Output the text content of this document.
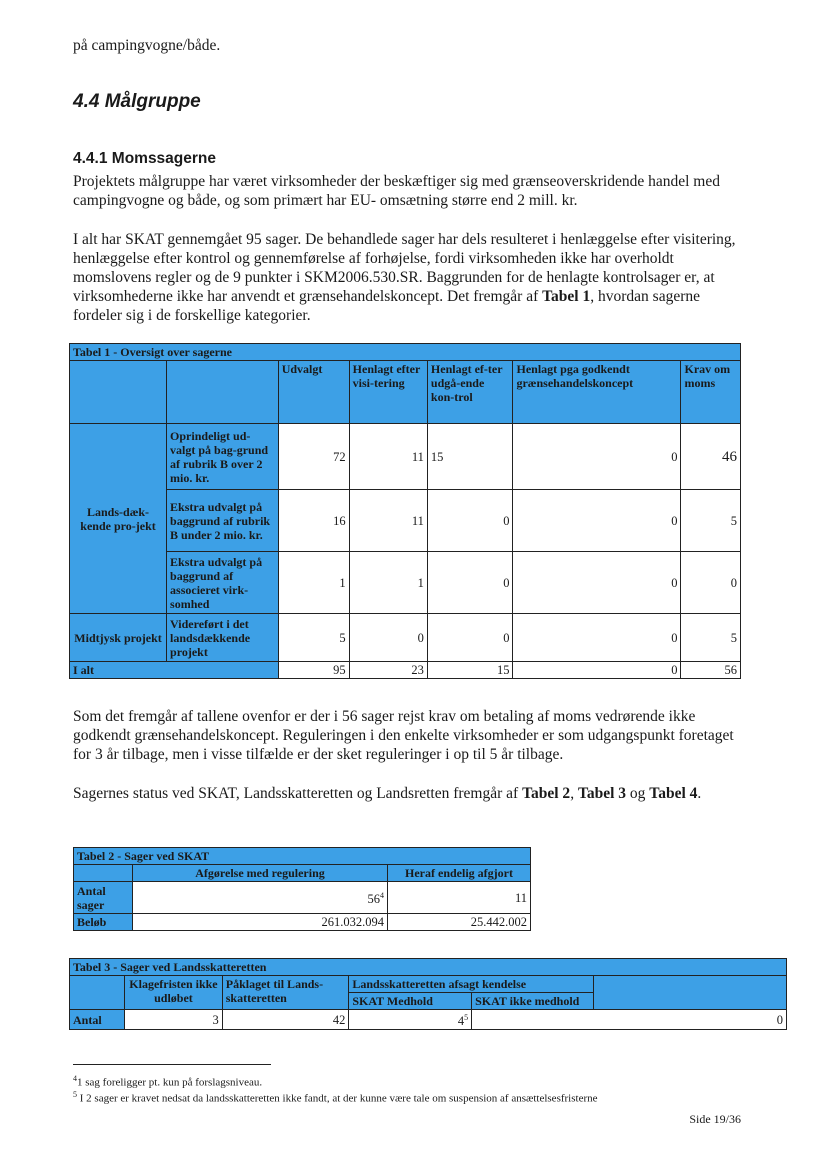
på campingvogne/både.

4.4 Målgruppe
4.4.1 Momssagerne

Projektets målgruppe har været virksomheder der beskæftiger sig med grænseoverskridende handel med campingvogne og både, og som primært har EU- omsætning større end 2 mill. kr.

I alt har SKAT gennemgået 95 sager. De behandlede sager har dels resulteret i henlæggelse efter visitering, henlæggelse efter kontrol og gennemførelse af forhøjelse, fordi virksomheden ikke har overholdt momslovens regler og de 9 punkter i SKM2006.530.SR. Baggrunden for de henlagte kontrolsager er, at virksomhederne ikke har anvendt et grænsehandelskoncept. Det fremgår af Tabel 1, hvordan sagerne fordeler sig i de forskellige kategorier.

Tabel 1 - Oversigt over sagerne						
		Udvalgt	Henlagt efter visi-tering	Henlagt ef-ter udgå-ende kon-trol	Henlagt pga godkendt grænsehandelskoncept	Krav om moms
Lands-dæk-kende pro-jekt	Oprindeligt ud-valgt på bag-grund af rubrik B over 2 mio. kr.	72	11	15	0	46
	Ekstra udvalgt på baggrund af rubrik B under 2 mio. kr.	16	11	0	0	5
	Ekstra udvalgt på baggrund af associeret virk-somhed	1	1	0	0	0
Midtjysk projekt	Videreført i det landsdækkende projekt	5	0	0	0	5
I alt		95	23	15	0	56

Som det fremgår af tallene ovenfor er der i 56 sager rejst krav om betaling af moms vedrørende ikke godkendt grænsehandelskoncept. Reguleringen i den enkelte virksomheder er som udgangspunkt foretaget for 3 år tilbage, men i visse tilfælde er der sket reguleringer i op til 5 år tilbage.

Sagernes status ved SKAT, Landsskatteretten og Landsretten fremgår af Tabel 2, Tabel 3 og Tabel 4.

Tabel 2 - Sager ved SKAT		
	Afgørelse med regulering	Heraf endelig afgjort
Antal sager	$56^4$	11
Beløb	261.032.094	25.442.002
Tabel 3 - Sager ved Landsskatteretten					
	Klagefristen ikke udløbet	Påklaget til Lands-skatteretten	Landsskatteretten afsagt kendelse		
			SKAT Medhold	SKAT ikke medhold	
Antal	3	42	$4^5$	0	

$^4$1 sag foreligger pt. kun på forslagsniveau.

$^5$ I 2 sager er kravet nedsat da landsskatteretten ikke fandt, at der kunne være tale om suspension af ansættelsesfristerne

Side 19/36
